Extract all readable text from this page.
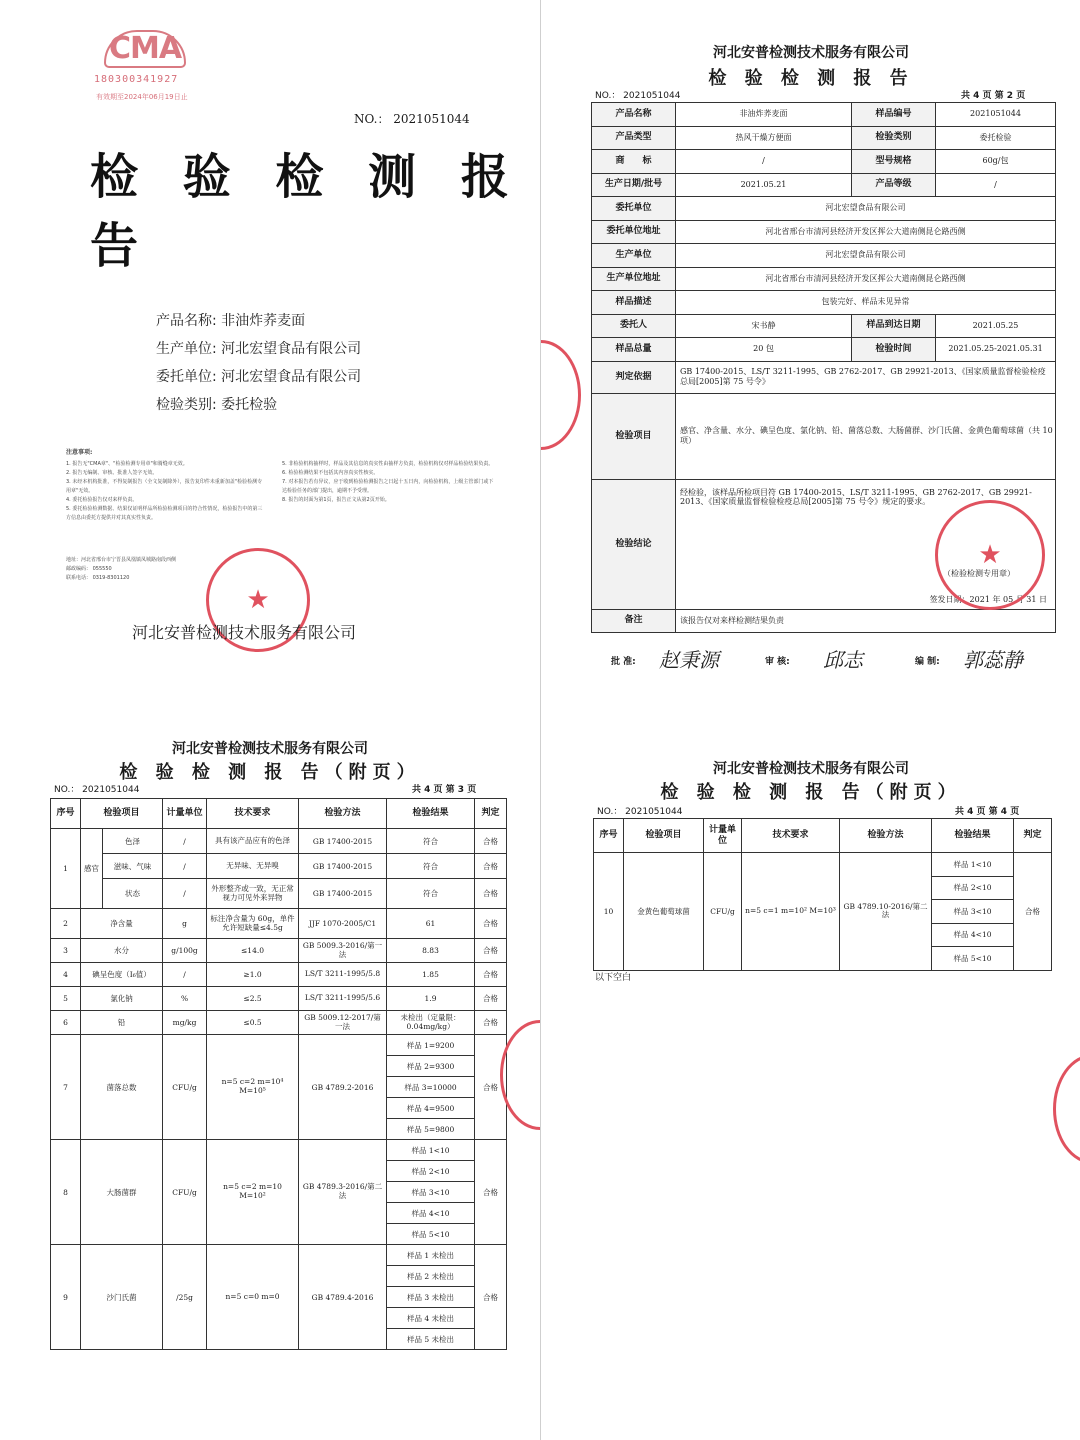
CMA
180300341927
有效期至2024年06月19日止
NO.： 2021051044
检 验 检 测 报 告
产品名称: 非油炸荞麦面
生产单位: 河北宏望食品有限公司
委托单位: 河北宏望食品有限公司
检验类别: 委托检验
注意事项:
1. 报告无"CMA章"、"检验检测专用章"和骑缝章无效。
2. 报告无编制、审核、批准人签字无效。
3. 未经本机构批准，不得复制报告（全文复制除外），报告复印件未重新加盖"检验检测专用章"无效。
4. 委托检验报告仅对来样负责。
5. 委托检验检测数据、结果仅证明样品所检验检测项目的符合性情况，检验报告中的第三方信息由委托方提供并对其真实性负责。
5. 非检验机构抽样时，样品及其信息的真实性由抽样方负责，检验机构仅对样品检验结果负责。
6. 检验检测结果不包括其内容真实性核实。
7. 对本报告若有异议，应于收到检验检测报告之日起十五日内，向检验机构，上级主管部门或下达检验任务的部门提出，逾期不予受理。
8. 报告的封面为第1页，报告正文从第2页开始。
地址：河北省邢台市宁晋县凤凰镇凤城路南段西侧
邮政编码： 055550
联系电话： 0319-8301120
★
河北安普检测技术服务有限公司
河北安普检测技术服务有限公司
检 验 检 测 报 告
NO.： 2021051044	共 4 页 第 2 页
产品名称	非油炸荞麦面	样品编号	2021051044
产品类型	热风干燥方便面	检验类别	委托检验
商　　标	/	型号规格	60g/包
生产日期/批号	2021.05.21	产品等级	/
委托单位	河北宏望食品有限公司		
委托单位地址	河北省邢台市清河县经济开发区挥公大道南侧昆仑路西侧		
生产单位	河北宏望食品有限公司		
生产单位地址	河北省邢台市清河县经济开发区挥公大道南侧昆仑路西侧		
样品描述	包装完好、样品未见异常		
委托人	宋书静	样品到达日期	2021.05.25
样品总量	20 包	检验时间	2021.05.25-2021.05.31
判定依据	GB 17400-2015、LS/T 3211-1995、GB 2762-2017、GB 29921-2013、《国家质量监督检验检疫总局[2005]第 75 号令》		
检验项目	感官、净含量、水分、碘呈色度、氯化钠、铅、菌落总数、大肠菌群、沙门氏菌、金黄色葡萄球菌（共 10 项）		
检验结论	经检验，该样品所检项目符 GB 17400-2015、LS/T 3211-1995、GB 2762-2017、GB 29921-2013、《国家质量监督检验检疫总局[2005]第 75 号令》规定的要求。
（检验检测专用章）
签发日期：2021 年 05 月 31 日		

备注	该报告仅对来样检测结果负责		
★
批 准: 赵秉源	审 核: 邱志	编 制: 郭蕊静
河北安普检测技术服务有限公司
检 验 检 测 报 告（附页）
NO.： 2021051044	共 4 页 第 3 页
序号	检验项目		计量单位	技术要求	检验方法	检验结果	判定
1	感官	色泽	/	具有该产品应有的色泽	GB 17400-2015	符合	合格
		滋味、气味	/	无异味、无异嗅	GB 17400-2015	符合	合格
		状态	/	外形整齐或一致，无正常视力可见外来异物	GB 17400-2015	符合	合格
2	净含量		g	标注净含量为 60g，单件允许短缺量≤4.5g	JJF 1070-2005/C1	61	合格
3	水分		g/100g	≤14.0	GB 5009.3-2016/第一法	8.83	合格
4	碘呈色度（I₆值）		/	≥1.0	LS/T 3211-1995/5.8	1.85	合格
5	氯化钠		%	≤2.5	LS/T 3211-1995/5.6	1.9	合格
6	铅		mg/kg	≤0.5	GB 5009.12-2017/第一法	未检出（定量限：0.04mg/kg）	合格
7	菌落总数		CFU/g	n=5 c=2 m=10⁴ M=10⁵	GB 4789.2-2016	样品 1=9200	合格
						样品 2=9300	
						样品 3=10000	
						样品 4=9500	
						样品 5=9800	
8	大肠菌群		CFU/g	n=5 c=2 m=10 M=10²	GB 4789.3-2016/第二法	样品 1<10	合格
						样品 2<10	
						样品 3<10	
						样品 4<10	
						样品 5<10	
9	沙门氏菌		/25g	n=5 c=0 m=0	GB 4789.4-2016	样品 1 未检出	合格
						样品 2 未检出	
						样品 3 未检出	
						样品 4 未检出	
						样品 5 未检出	
河北安普检测技术服务有限公司
检 验 检 测 报 告（附页）
NO.： 2021051044	共 4 页 第 4 页
序号	检验项目	计量单位	技术要求	检验方法	检验结果	判定
10	金黄色葡萄球菌	CFU/g	n=5 c=1 m=10² M=10³	GB 4789.10-2016/第二法	样品 1<10	合格
					样品 2<10	
					样品 3<10	
					样品 4<10	
					样品 5<10	
以下空白
